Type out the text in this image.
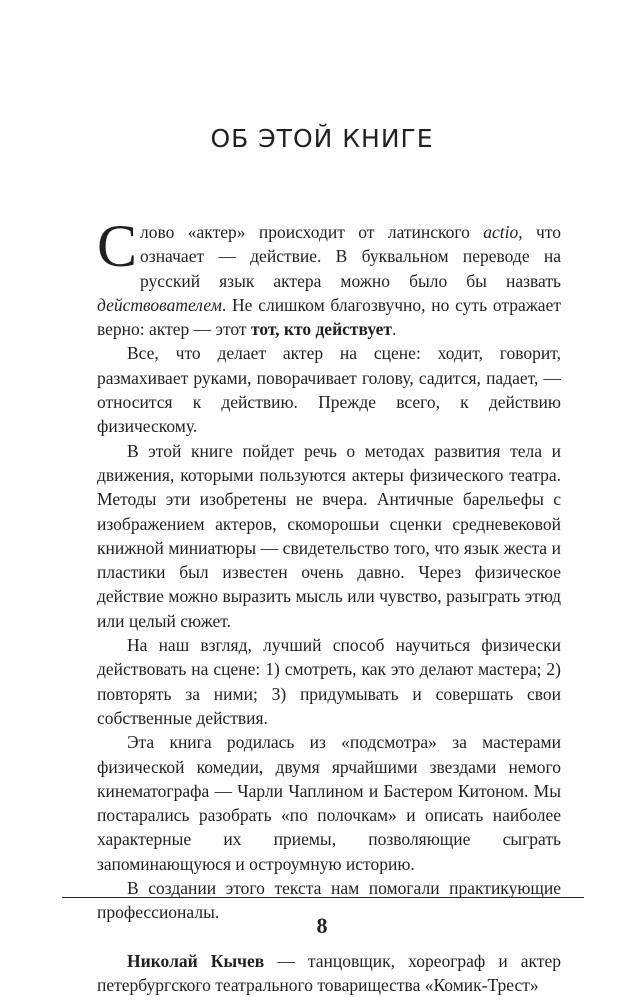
ОБ ЭТОЙ КНИГЕ

Слово «актер» происходит от латинского actio, что означает — действие. В буквальном переводе на русский язык актера можно было бы назвать действователем. Не слишком благозвучно, но суть отражает верно: актер — этот тот, кто действует.

Все, что делает актер на сцене: ходит, говорит, размахивает руками, поворачивает голову, садится, падает, — относится к действию. Прежде всего, к действию физическому.

В этой книге пойдет речь о методах развития тела и движения, которыми пользуются актеры физического театра. Методы эти изобретены не вчера. Античные барельефы с изображением актеров, скоморошьи сценки средневековой книжной миниатюры — свидетельство того, что язык жеста и пластики был известен очень давно. Через физическое действие можно выразить мысль или чувство, разыграть этюд или целый сюжет.

На наш взгляд, лучший способ научиться физически действовать на сцене: 1) смотреть, как это делают мастера; 2) повторять за ними; 3) придумывать и совершать свои собственные действия.

Эта книга родилась из «подсмотра» за мастерами физической комедии, двумя ярчайшими звездами немого кинематографа — Чарли Чаплином и Бастером Китоном. Мы постарались разобрать «по полочкам» и описать наиболее характерные их приемы, позволяющие сыграть запоминающуюся и остроумную историю.

В создании этого текста нам помогали практикующие профессионалы.

Николай Кычев — танцовщик, хореограф и актер петербургского театрального товарищества «Комик-Трест»

8
